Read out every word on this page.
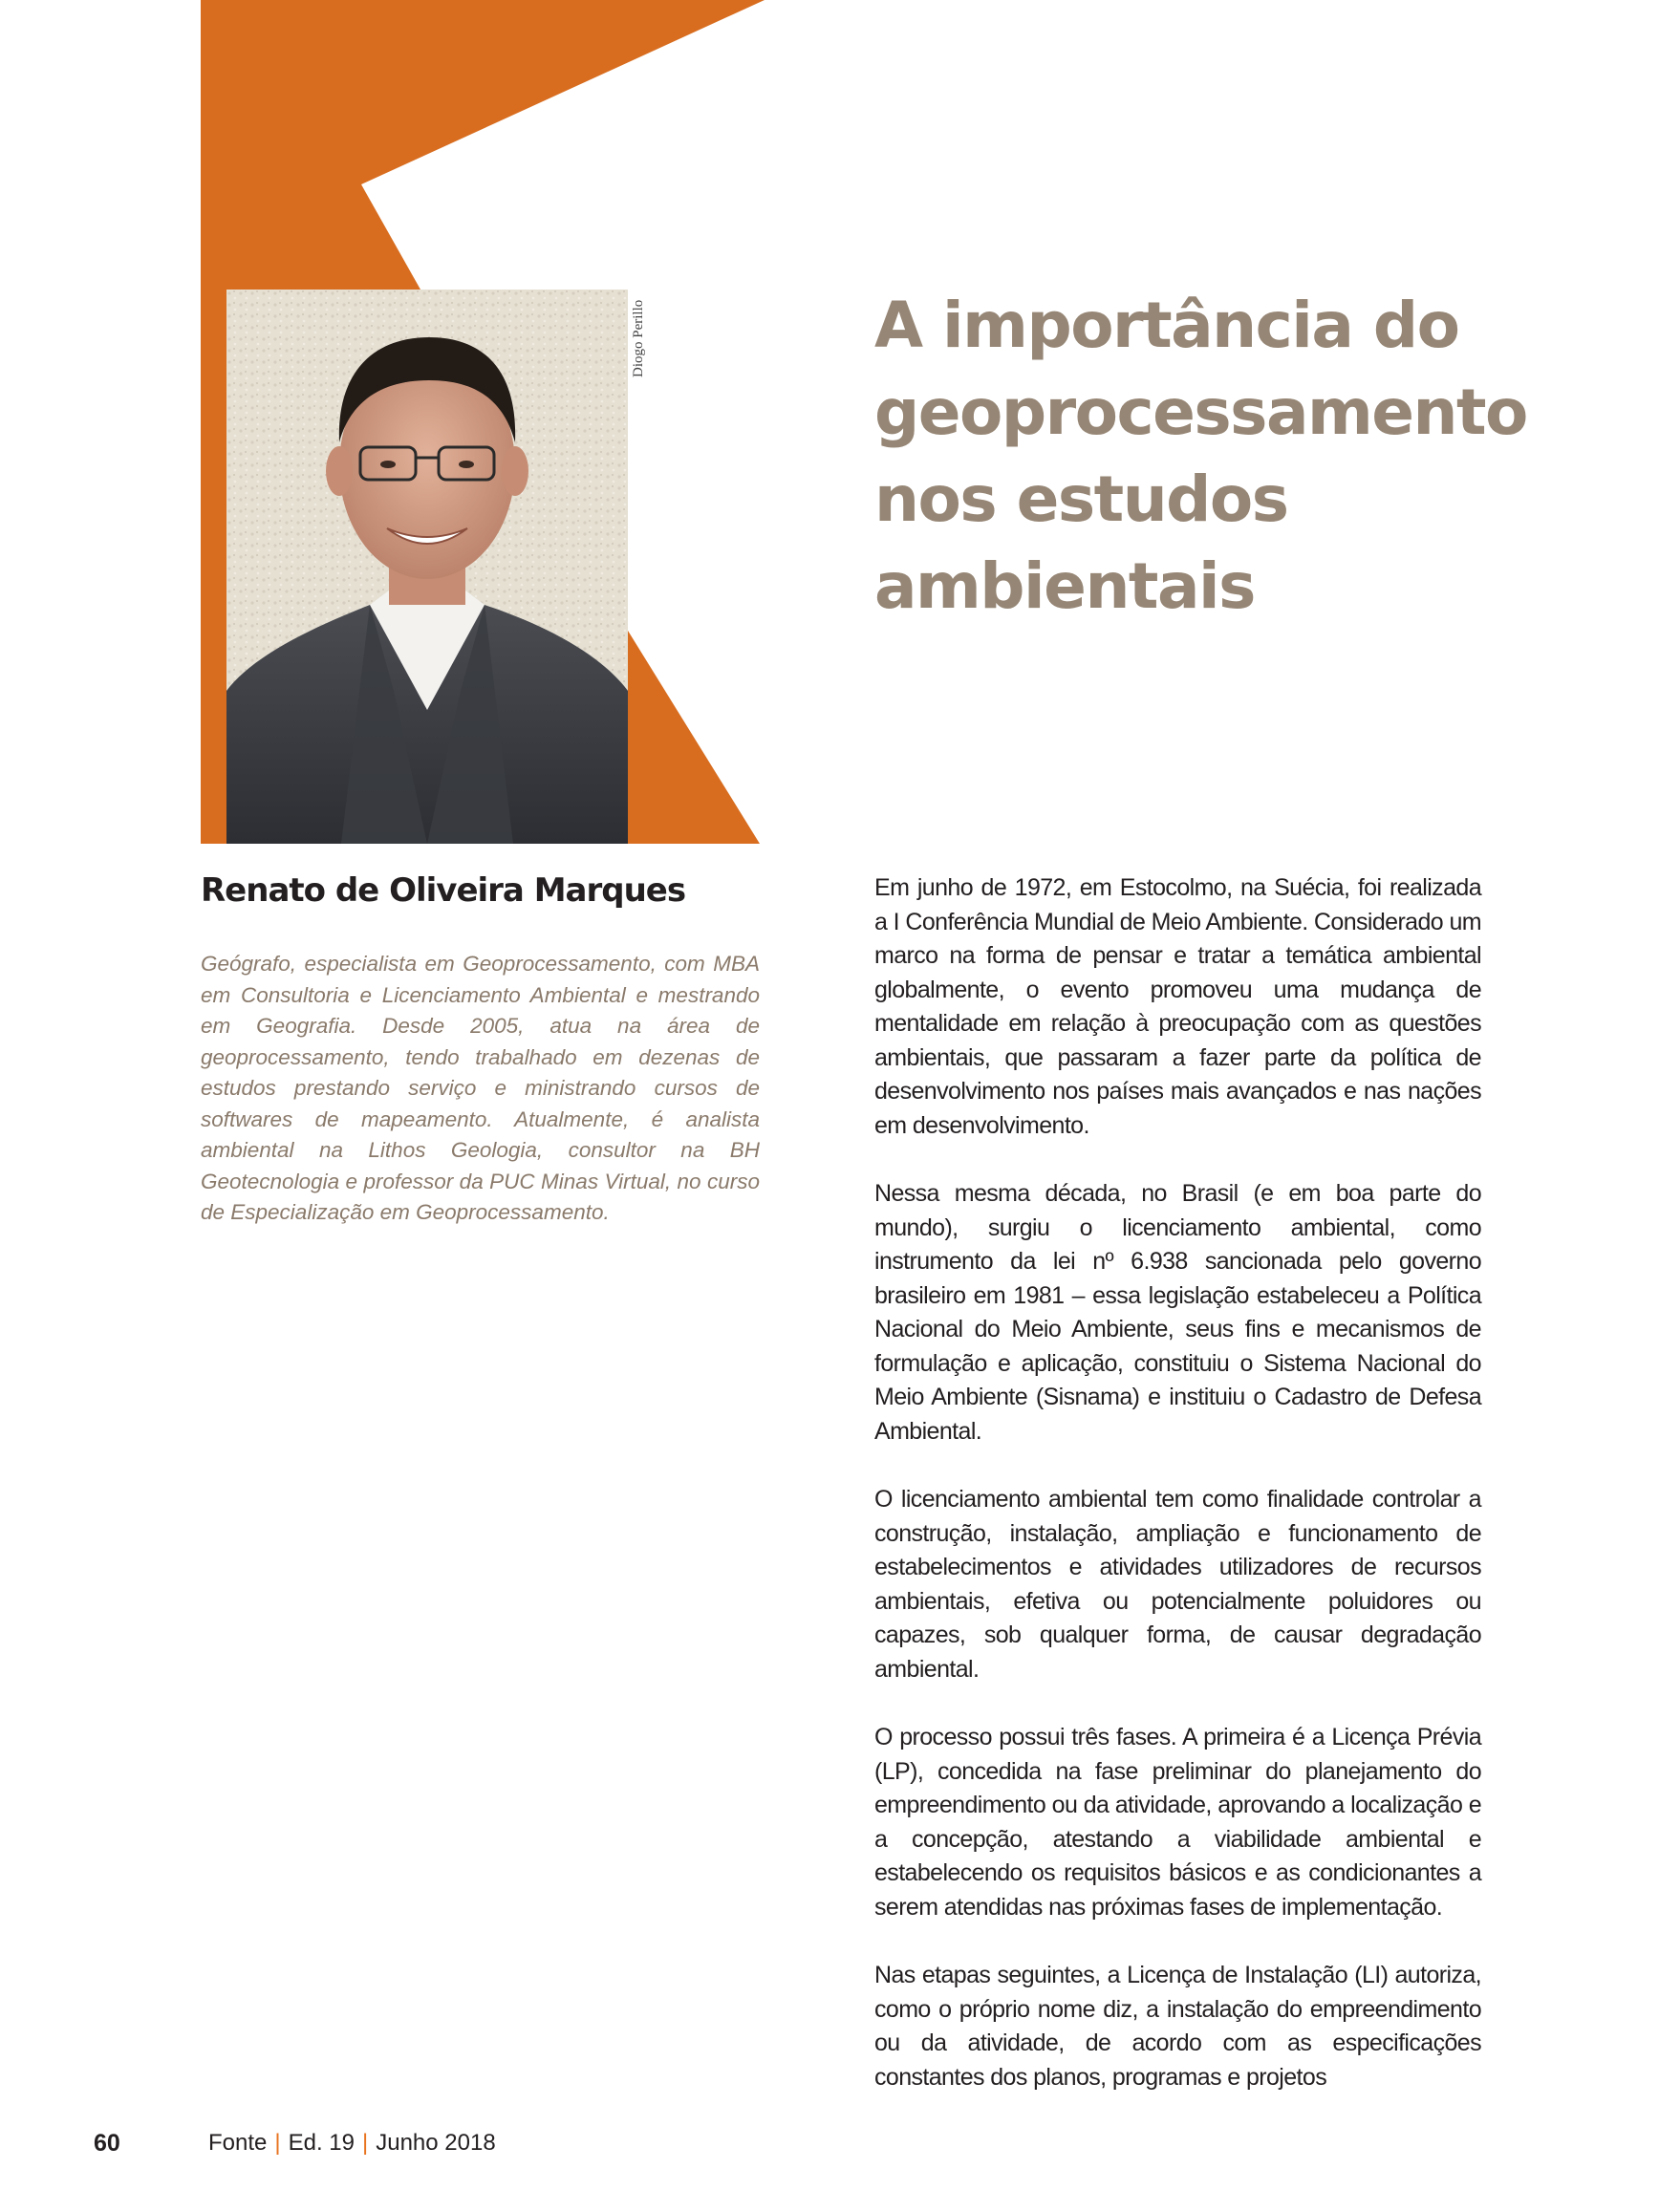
Diogo Perillo	A importância do geoprocessamento nos estudos ambientais
Renato de Oliveira Marques

Geógrafo, especialista em Geoprocessamento, com MBA em Consultoria e Licenciamento Ambiental e mestrando em Geografia. Desde 2005, atua na área de geoprocessamento, tendo trabalhado em dezenas de estudos prestando serviço e ministrando cursos de softwares de mapeamento. Atualmente, é analista ambiental na Lithos Geologia, consultor na BH Geotecnologia e professor da PUC Minas Virtual, no curso de Especialização em Geoprocessamento.

Em junho de 1972, em Estocolmo, na Suécia, foi realizada a I Conferência Mundial de Meio Ambiente. Considerado um marco na forma de pensar e tratar a temática ambiental globalmente, o evento promoveu uma mudança de mentalidade em relação à preocupação com as questões ambientais, que passaram a fazer parte da política de desenvolvimento nos países mais avançados e nas nações em desenvolvimento.

Nessa mesma década, no Brasil (e em boa parte do mundo), surgiu o licenciamento ambiental, como instrumento da lei nº 6.938 sancionada pelo governo brasileiro em 1981 – essa legislação estabeleceu a Política Nacional do Meio Ambiente, seus fins e mecanismos de formulação e aplicação, constituiu o Sistema Nacional do Meio Ambiente (Sisnama) e instituiu o Cadastro de Defesa Ambiental.

O licenciamento ambiental tem como finalidade controlar a construção, instalação, ampliação e funcionamento de estabelecimentos e atividades utilizadores de recursos ambientais, efetiva ou potencialmente poluidores ou capazes, sob qualquer forma, de causar degradação ambiental.

O processo possui três fases. A primeira é a Licença Prévia (LP), concedida na fase preliminar do planejamento do empreendimento ou da atividade, aprovando a localização e a concepção, atestando a viabilidade ambiental e estabelecendo os requisitos básicos e as condicionantes a serem atendidas nas próximas fases de implementação.

Nas etapas seguintes, a Licença de Instalação (LI) autoriza, como o próprio nome diz, a instalação do empreendimento ou da atividade, de acordo com as especificações constantes dos planos, programas e projetos

60	Fonte | Ed. 19 | Junho 2018
